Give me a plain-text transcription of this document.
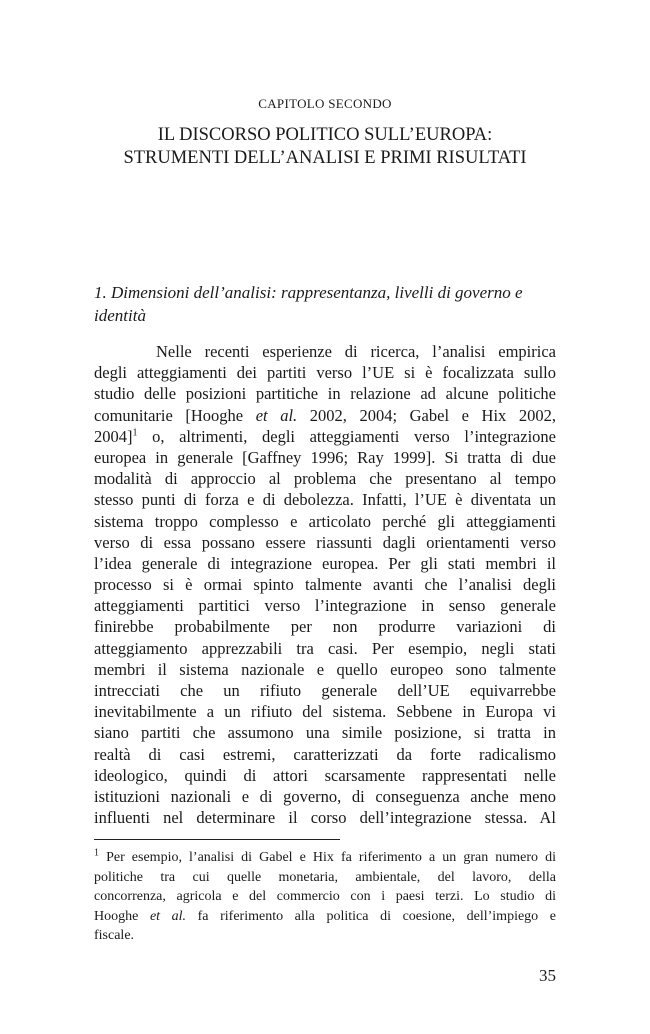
CAPITOLO SECONDO
IL DISCORSO POLITICO SULL’EUROPA:
STRUMENTI DELL’ANALISI E PRIMI RISULTATI
1. Dimensioni dell’analisi: rappresentanza, livelli di governo e
identità
Nelle recenti esperienze di ricerca, l’analisi empirica
degli atteggiamenti dei partiti verso l’UE si è focalizzata sullo
studio delle posizioni partitiche in relazione ad alcune politiche
comunitarie [Hooghe et al. 2002, 2004; Gabel e Hix 2002,
2004]$^1$ o, altrimenti, degli atteggiamenti verso l’integrazione
europea in generale [Gaffney 1996; Ray 1999]. Si tratta di due
modalità di approccio al problema che presentano al tempo
stesso punti di forza e di debolezza. Infatti, l’UE è diventata un
sistema troppo complesso e articolato perché gli atteggiamenti
verso di essa possano essere riassunti dagli orientamenti verso
l’idea generale di integrazione europea. Per gli stati membri il
processo si è ormai spinto talmente avanti che l’analisi degli
atteggiamenti partitici verso l’integrazione in senso generale
finirebbe probabilmente per non produrre variazioni di
atteggiamento apprezzabili tra casi. Per esempio, negli stati
membri il sistema nazionale e quello europeo sono talmente
intrecciati che un rifiuto generale dell’UE equivarrebbe
inevitabilmente a un rifiuto del sistema. Sebbene in Europa vi
siano partiti che assumono una simile posizione, si tratta in
realtà di casi estremi, caratterizzati da forte radicalismo
ideologico, quindi di attori scarsamente rappresentati nelle
istituzioni nazionali e di governo, di conseguenza anche meno
influenti nel determinare il corso dell’integrazione stessa. Al
$^1$ Per esempio, l’analisi di Gabel e Hix fa riferimento a un gran numero di
politiche tra cui quelle monetaria, ambientale, del lavoro, della
concorrenza, agricola e del commercio con i paesi terzi. Lo studio di
Hooghe et al. fa riferimento alla politica di coesione, dell’impiego e
fiscale.
35
